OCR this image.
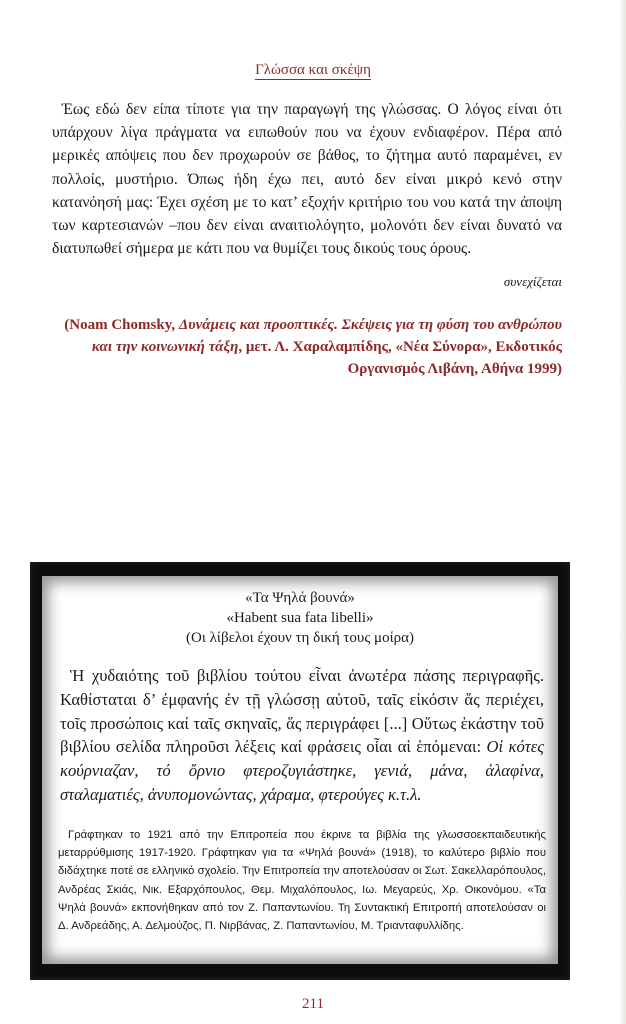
Γλώσσα και σκέψη
Έως εδώ δεν είπα τίποτε για την παραγωγή της γλώσσας. Ο λόγος είναι ότι υπάρχουν λίγα πράγματα να ειπωθούν που να έχουν ενδιαφέρον. Πέρα από μερικές απόψεις που δεν προχωρούν σε βάθος, το ζήτημα αυτό παραμένει, εν πολλοίς, μυστήριο. Όπως ήδη έχω πει, αυτό δεν είναι μικρό κενό στην κατανόησή μας: Έχει σχέση με το κατ’ εξοχήν κριτήριο του νου κατά την άποψη των καρτεσιανών –που δεν είναι αναιτιολόγητο, μολονότι δεν είναι δυνατό να διατυπωθεί σήμερα με κάτι που να θυμίζει τους δικούς τους όρους.
συνεχίζεται
(Noam Chomsky, Δυνάμεις και προοπτικές. Σκέψεις για τη φύση του ανθρώπου και την κοινωνική τάξη, μετ. Λ. Χαραλαμπίδης, «Νέα Σύνορα», Εκδοτικός Οργανισμός Λιβάνη, Αθήνα 1999)
«Τα Ψηλά βουνά»
«Habent sua fata libelli»
(Οι λίβελοι έχουν τη δική τους μοίρα)
Ἡ χυδαιότης τοῦ βιβλίου τούτου εἶναι ἀνωτέρα πάσης περιγραφῆς. Καθίσταται δ’ ἐμφανής ἐν τῇ γλώσσῃ αὐτοῦ, ταῖς εἰκόσιν ἅς περιέχει, τοῖς προσώποις καί ταῖς σκηναῖς, ἅς περιγράφει [...] Οὕτως ἑκάστην τοῦ βιβλίου σελίδα πληροῦσι λέξεις καί φράσεις οἷαι αἱ ἑπόμεναι: Οἱ κότες κούρνιαζαν, τό ὄρνιο φτεροζυγιάστηκε, γενιά, μάνα, ἀλαφίνα, σταλαματιές, ἀνυπομονώντας, χάραμα, φτερούγες κ.τ.λ.
Γράφτηκαν το 1921 από την Επιτροπεία που έκρινε τα βιβλία της γλωσσοεκπαιδευτικής μεταρρύθμισης 1917-1920. Γράφτηκαν για τα «Ψηλά βουνά» (1918), το καλύτερο βιβλίο που διδάχτηκε ποτέ σε ελληνικό σχολείο. Την Επιτροπεία την αποτελούσαν οι Σωτ. Σακελλαρόπουλος, Ανδρέας Σκιάς, Νικ. Εξαρχόπουλος, Θεμ. Μιχαλόπουλος, Ιω. Μεγαρεύς, Χρ. Οικονόμου. «Τα Ψηλά βουνά» εκπονήθηκαν από τον Ζ. Παπαντωνίου. Τη Συντακτική Επιτροπή αποτελούσαν οι Δ. Ανδρεάδης, Α. Δελμούζος, Π. Νιρβάνας, Ζ. Παπαντωνίου, Μ. Τριανταφυλλίδης.
211
